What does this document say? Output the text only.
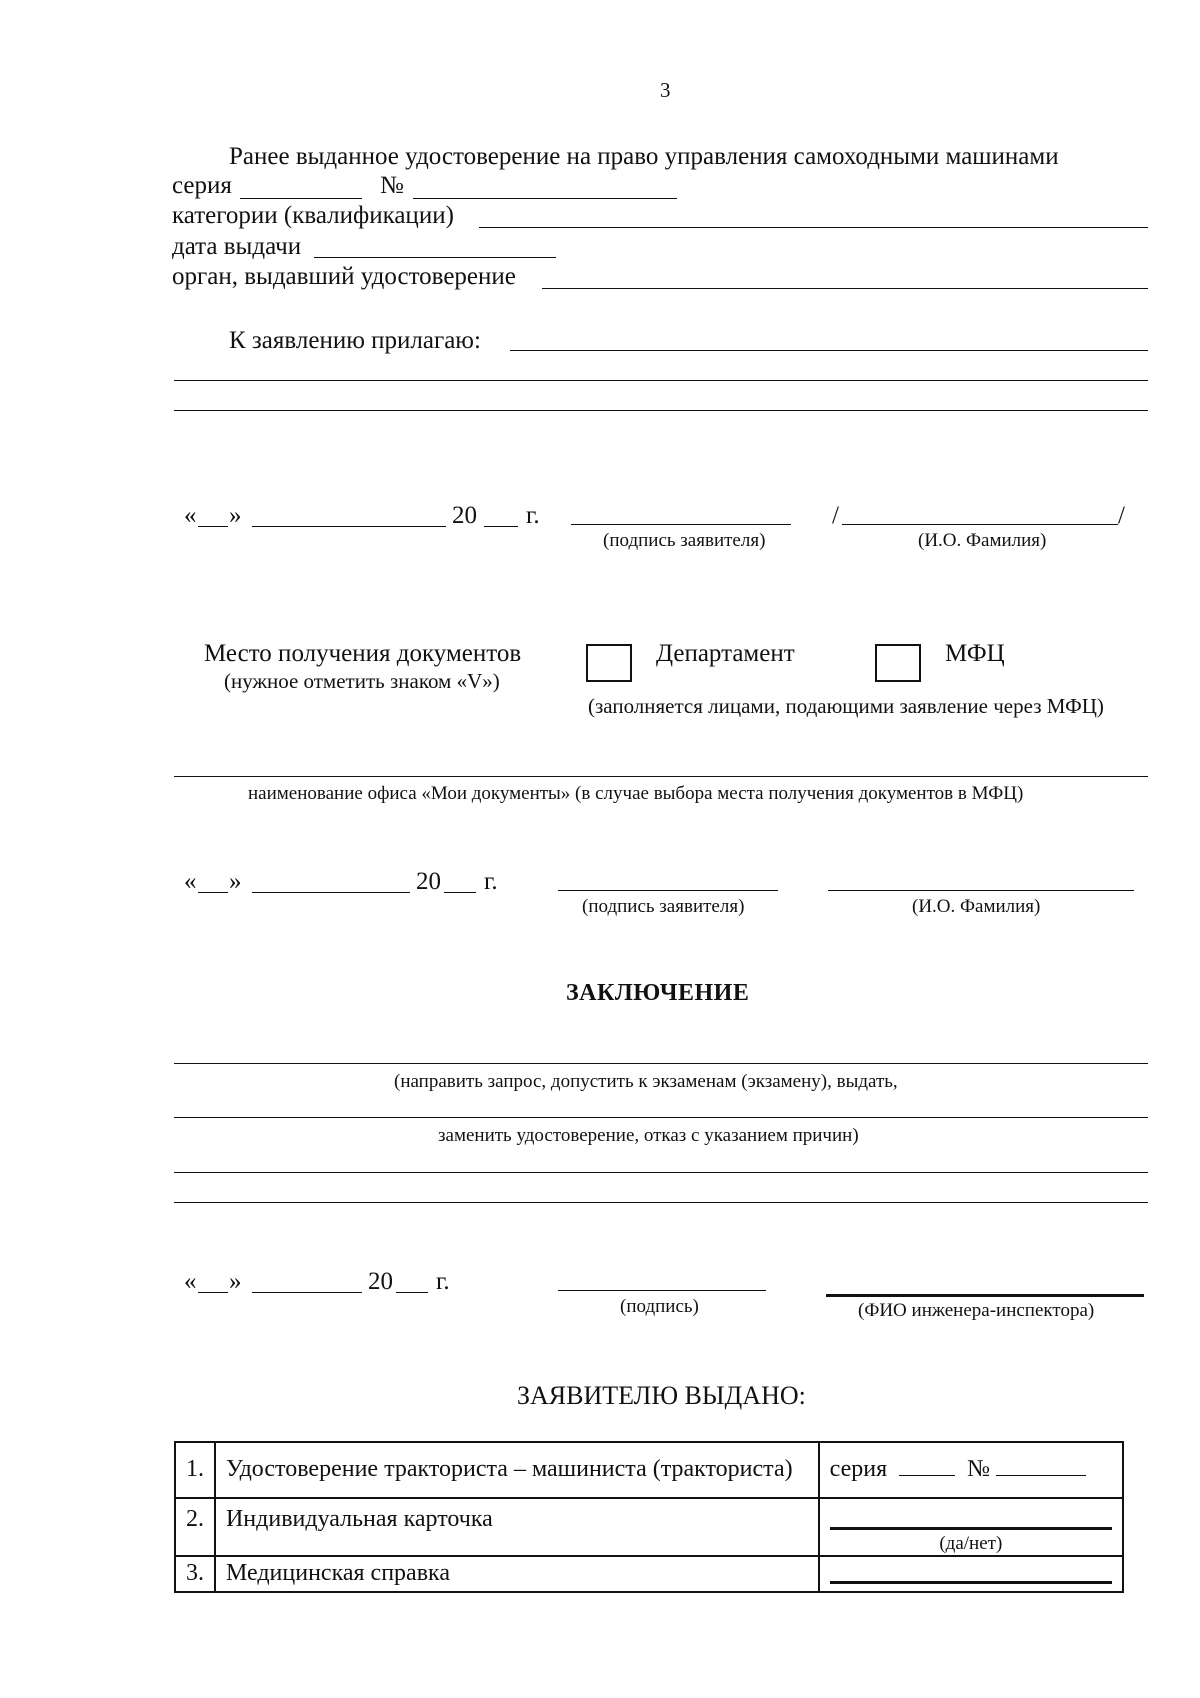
3
Ранее выданное удостоверение на право управления самоходными машинами
серия	№
категории (квалификации)
дата выдачи
орган, выдавший удостоверение
К заявлению прилагаю:
« »	20 г.
(подпись заявителя)
/	/
(И.О. Фамилия)
Место получения документов
(нужное отметить знаком «V»)
Департамент	МФЦ
(заполняется лицами, подающими заявление через МФЦ)
наименование офиса «Мои документы» (в случае выбора места получения документов в МФЦ)
« »	20 г.
(подпись заявителя)	(И.О. Фамилия)
ЗАКЛЮЧЕНИЕ
(направить запрос, допустить к экзаменам (экзамену), выдать,
заменить удостоверение, отказ с указанием причин)
« »	20 г.
(подпись)	(ФИО инженера-инспектора)
ЗАЯВИТЕЛЮ ВЫДАНО:
1.	Удостоверение тракториста – машиниста (тракториста)	серия №
2.	Индивидуальная карточка	(да/нет)

3.	Медицинская справка	
